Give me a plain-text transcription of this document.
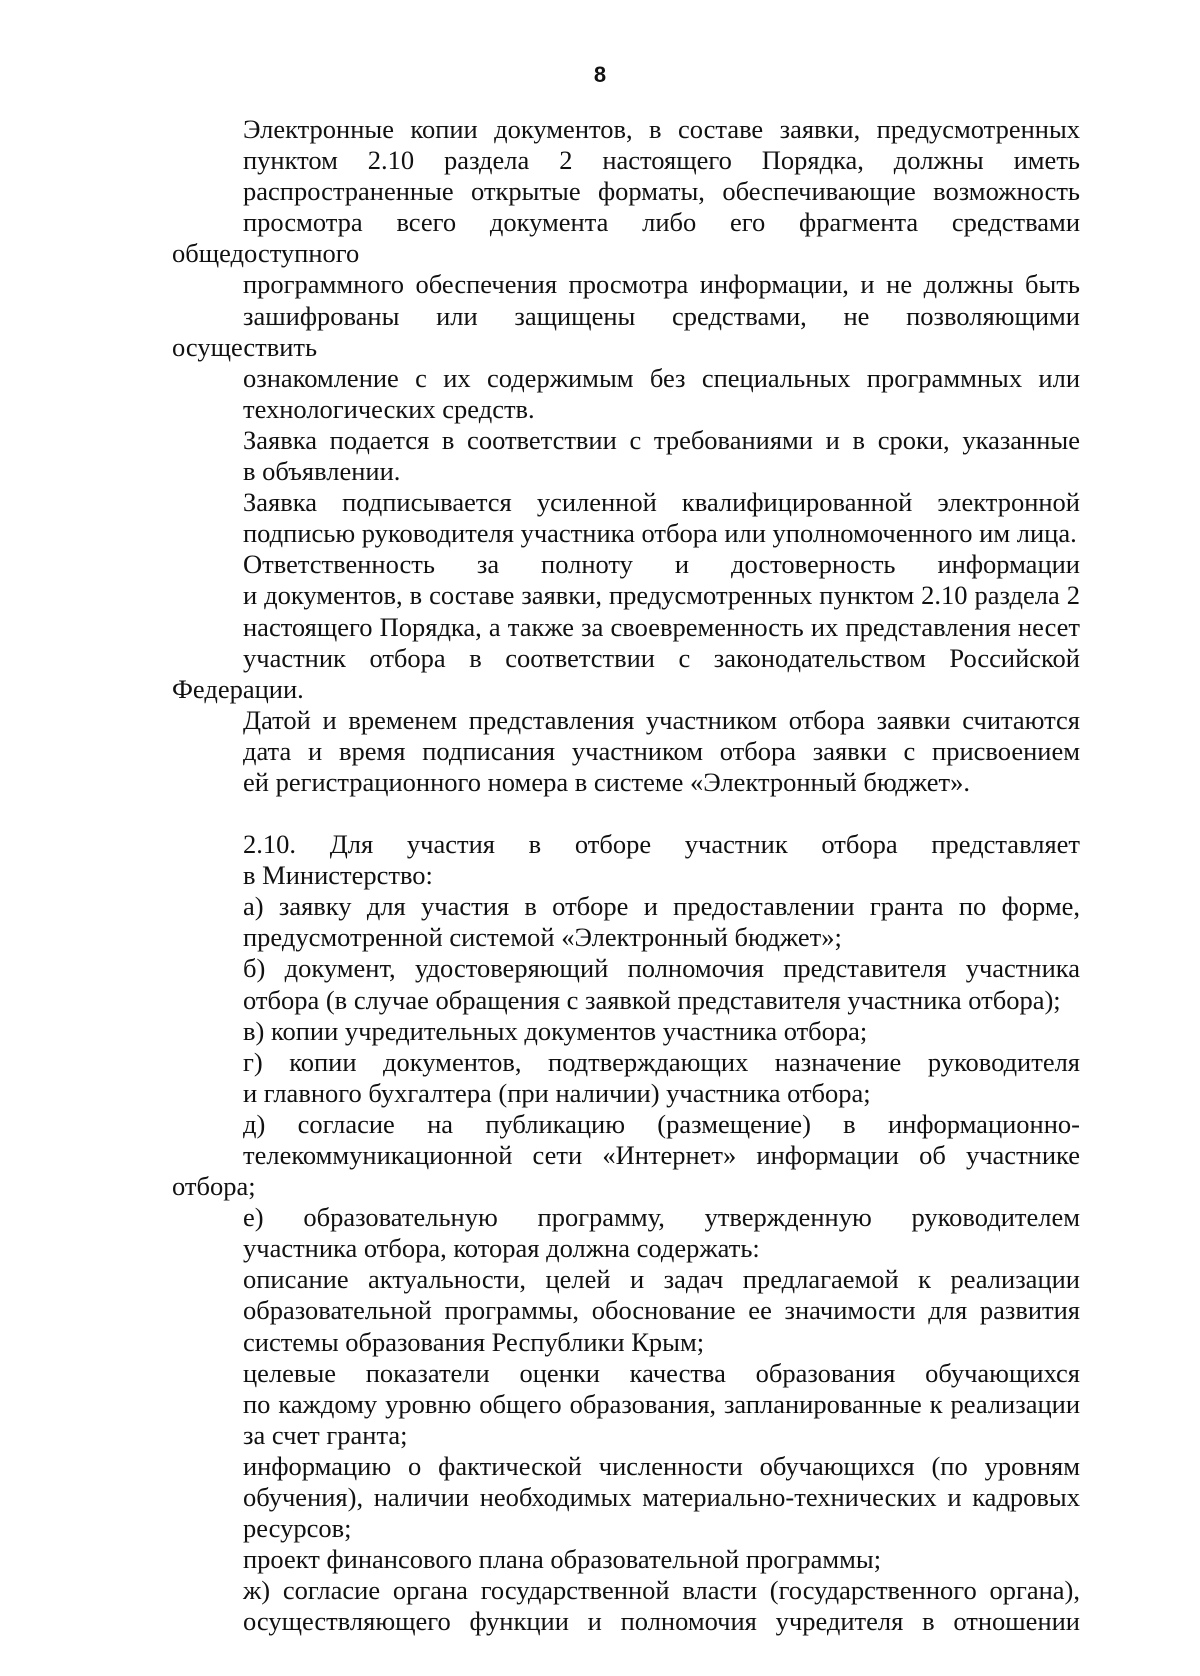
8

Электронные копии документов, в составе заявки, предусмотренных
пунктом 2.10 раздела 2 настоящего Порядка, должны иметь
распространенные открытые форматы, обеспечивающие возможность
просмотра всего документа либо его фрагмента средствами общедоступного
программного обеспечения просмотра информации, и не должны быть
зашифрованы или защищены средствами, не позволяющими осуществить
ознакомление с их содержимым без специальных программных или
технологических средств.

Заявка подается в соответствии с требованиями и в сроки, указанные
в объявлении.

Заявка подписывается усиленной квалифицированной электронной
подписью руководителя участника отбора или уполномоченного им лица.

Ответственность за полноту и достоверность информации
и документов, в составе заявки, предусмотренных пунктом 2.10 раздела 2
настоящего Порядка, а также за своевременность их представления несет
участник отбора в соответствии с законодательством Российской Федерации.

Датой и временем представления участником отбора заявки считаются
дата и время подписания участником отбора заявки с присвоением
ей регистрационного номера в системе «Электронный бюджет».

2.10. Для участия в отборе участник отбора представляет
в Министерство:

а) заявку для участия в отборе и предоставлении гранта по форме,
предусмотренной системой «Электронный бюджет»;

б) документ, удостоверяющий полномочия представителя участника
отбора (в случае обращения с заявкой представителя участника отбора);

в) копии учредительных документов участника отбора;

г) копии документов, подтверждающих назначение руководителя
и главного бухгалтера (при наличии) участника отбора;

д) согласие на публикацию (размещение) в информационно-
телекоммуникационной сети «Интернет» информации об участнике отбора;

е) образовательную программу, утвержденную руководителем
участника отбора, которая должна содержать:

описание актуальности, целей и задач предлагаемой к реализации
образовательной программы, обоснование ее значимости для развития
системы образования Республики Крым;

целевые показатели оценки качества образования обучающихся
по каждому уровню общего образования, запланированные к реализации
за счет гранта;

информацию о фактической численности обучающихся (по уровням
обучения), наличии необходимых материально-технических и кадровых
ресурсов;

проект финансового плана образовательной программы;

ж) согласие органа государственной власти (государственного органа),
осуществляющего функции и полномочия учредителя в отношении
